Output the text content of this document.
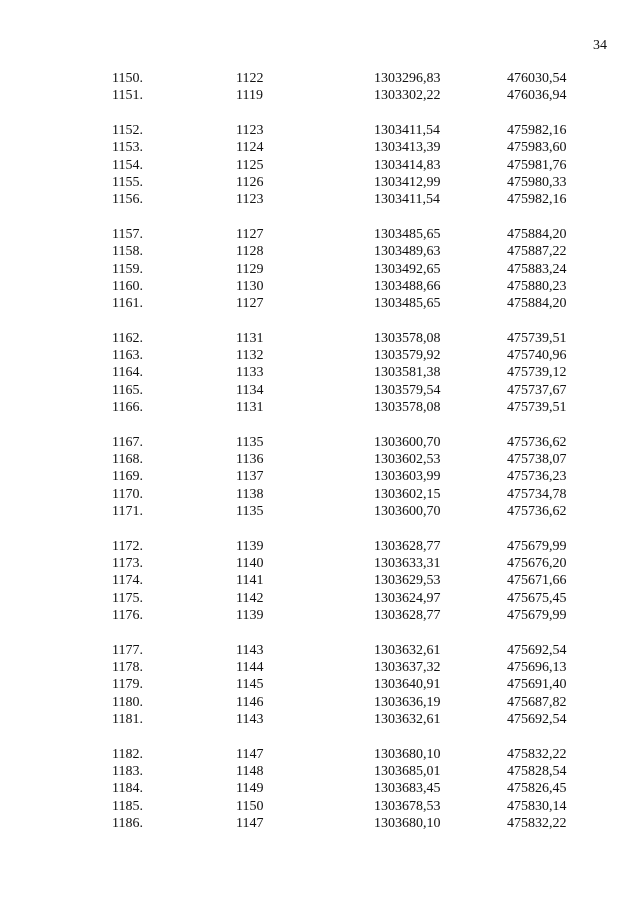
34
1150.	1122	1303296,83	476030,54
1151.	1119	1303302,22	476036,94
1152.	1123	1303411,54	475982,16
1153.	1124	1303413,39	475983,60
1154.	1125	1303414,83	475981,76
1155.	1126	1303412,99	475980,33
1156.	1123	1303411,54	475982,16
1157.	1127	1303485,65	475884,20
1158.	1128	1303489,63	475887,22
1159.	1129	1303492,65	475883,24
1160.	1130	1303488,66	475880,23
1161.	1127	1303485,65	475884,20
1162.	1131	1303578,08	475739,51
1163.	1132	1303579,92	475740,96
1164.	1133	1303581,38	475739,12
1165.	1134	1303579,54	475737,67
1166.	1131	1303578,08	475739,51
1167.	1135	1303600,70	475736,62
1168.	1136	1303602,53	475738,07
1169.	1137	1303603,99	475736,23
1170.	1138	1303602,15	475734,78
1171.	1135	1303600,70	475736,62
1172.	1139	1303628,77	475679,99
1173.	1140	1303633,31	475676,20
1174.	1141	1303629,53	475671,66
1175.	1142	1303624,97	475675,45
1176.	1139	1303628,77	475679,99
1177.	1143	1303632,61	475692,54
1178.	1144	1303637,32	475696,13
1179.	1145	1303640,91	475691,40
1180.	1146	1303636,19	475687,82
1181.	1143	1303632,61	475692,54
1182.	1147	1303680,10	475832,22
1183.	1148	1303685,01	475828,54
1184.	1149	1303683,45	475826,45
1185.	1150	1303678,53	475830,14
1186.	1147	1303680,10	475832,22
